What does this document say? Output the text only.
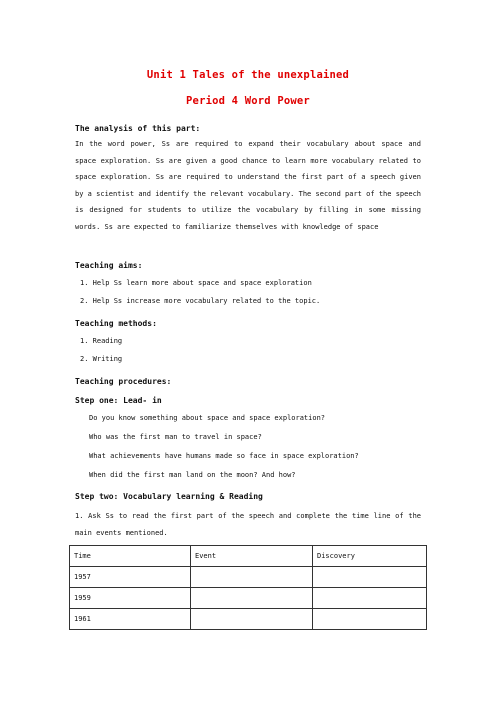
Unit 1 Tales of the unexplained
Period 4 Word Power
The analysis of this part:
In the word power, Ss are required to expand their vocabulary about space and space exploration. Ss are given a good chance to learn more vocabulary related to space exploration. Ss are required to understand the first part of a speech given by a scientist and identify the relevant vocabulary. The second part of the speech is designed for students to utilize the vocabulary by filling in some missing words. Ss are expected to familiarize themselves with knowledge of space
Teaching aims:
1. Help Ss learn more about space and space exploration
2. Help Ss increase more vocabulary related to the topic.
Teaching methods:
1. Reading
2. Writing
Teaching procedures:
Step one: Lead- in
Do you know something about space and space exploration?
Who was the first man to travel in space?
What achievements have humans made so face in space exploration?
When did the first man land on the moon? And how?
Step two: Vocabulary learning & Reading
1. Ask Ss to read the first part of the speech and complete the time line of the main events mentioned.
Time	Event	Discovery
1957		
1959		
1961		
